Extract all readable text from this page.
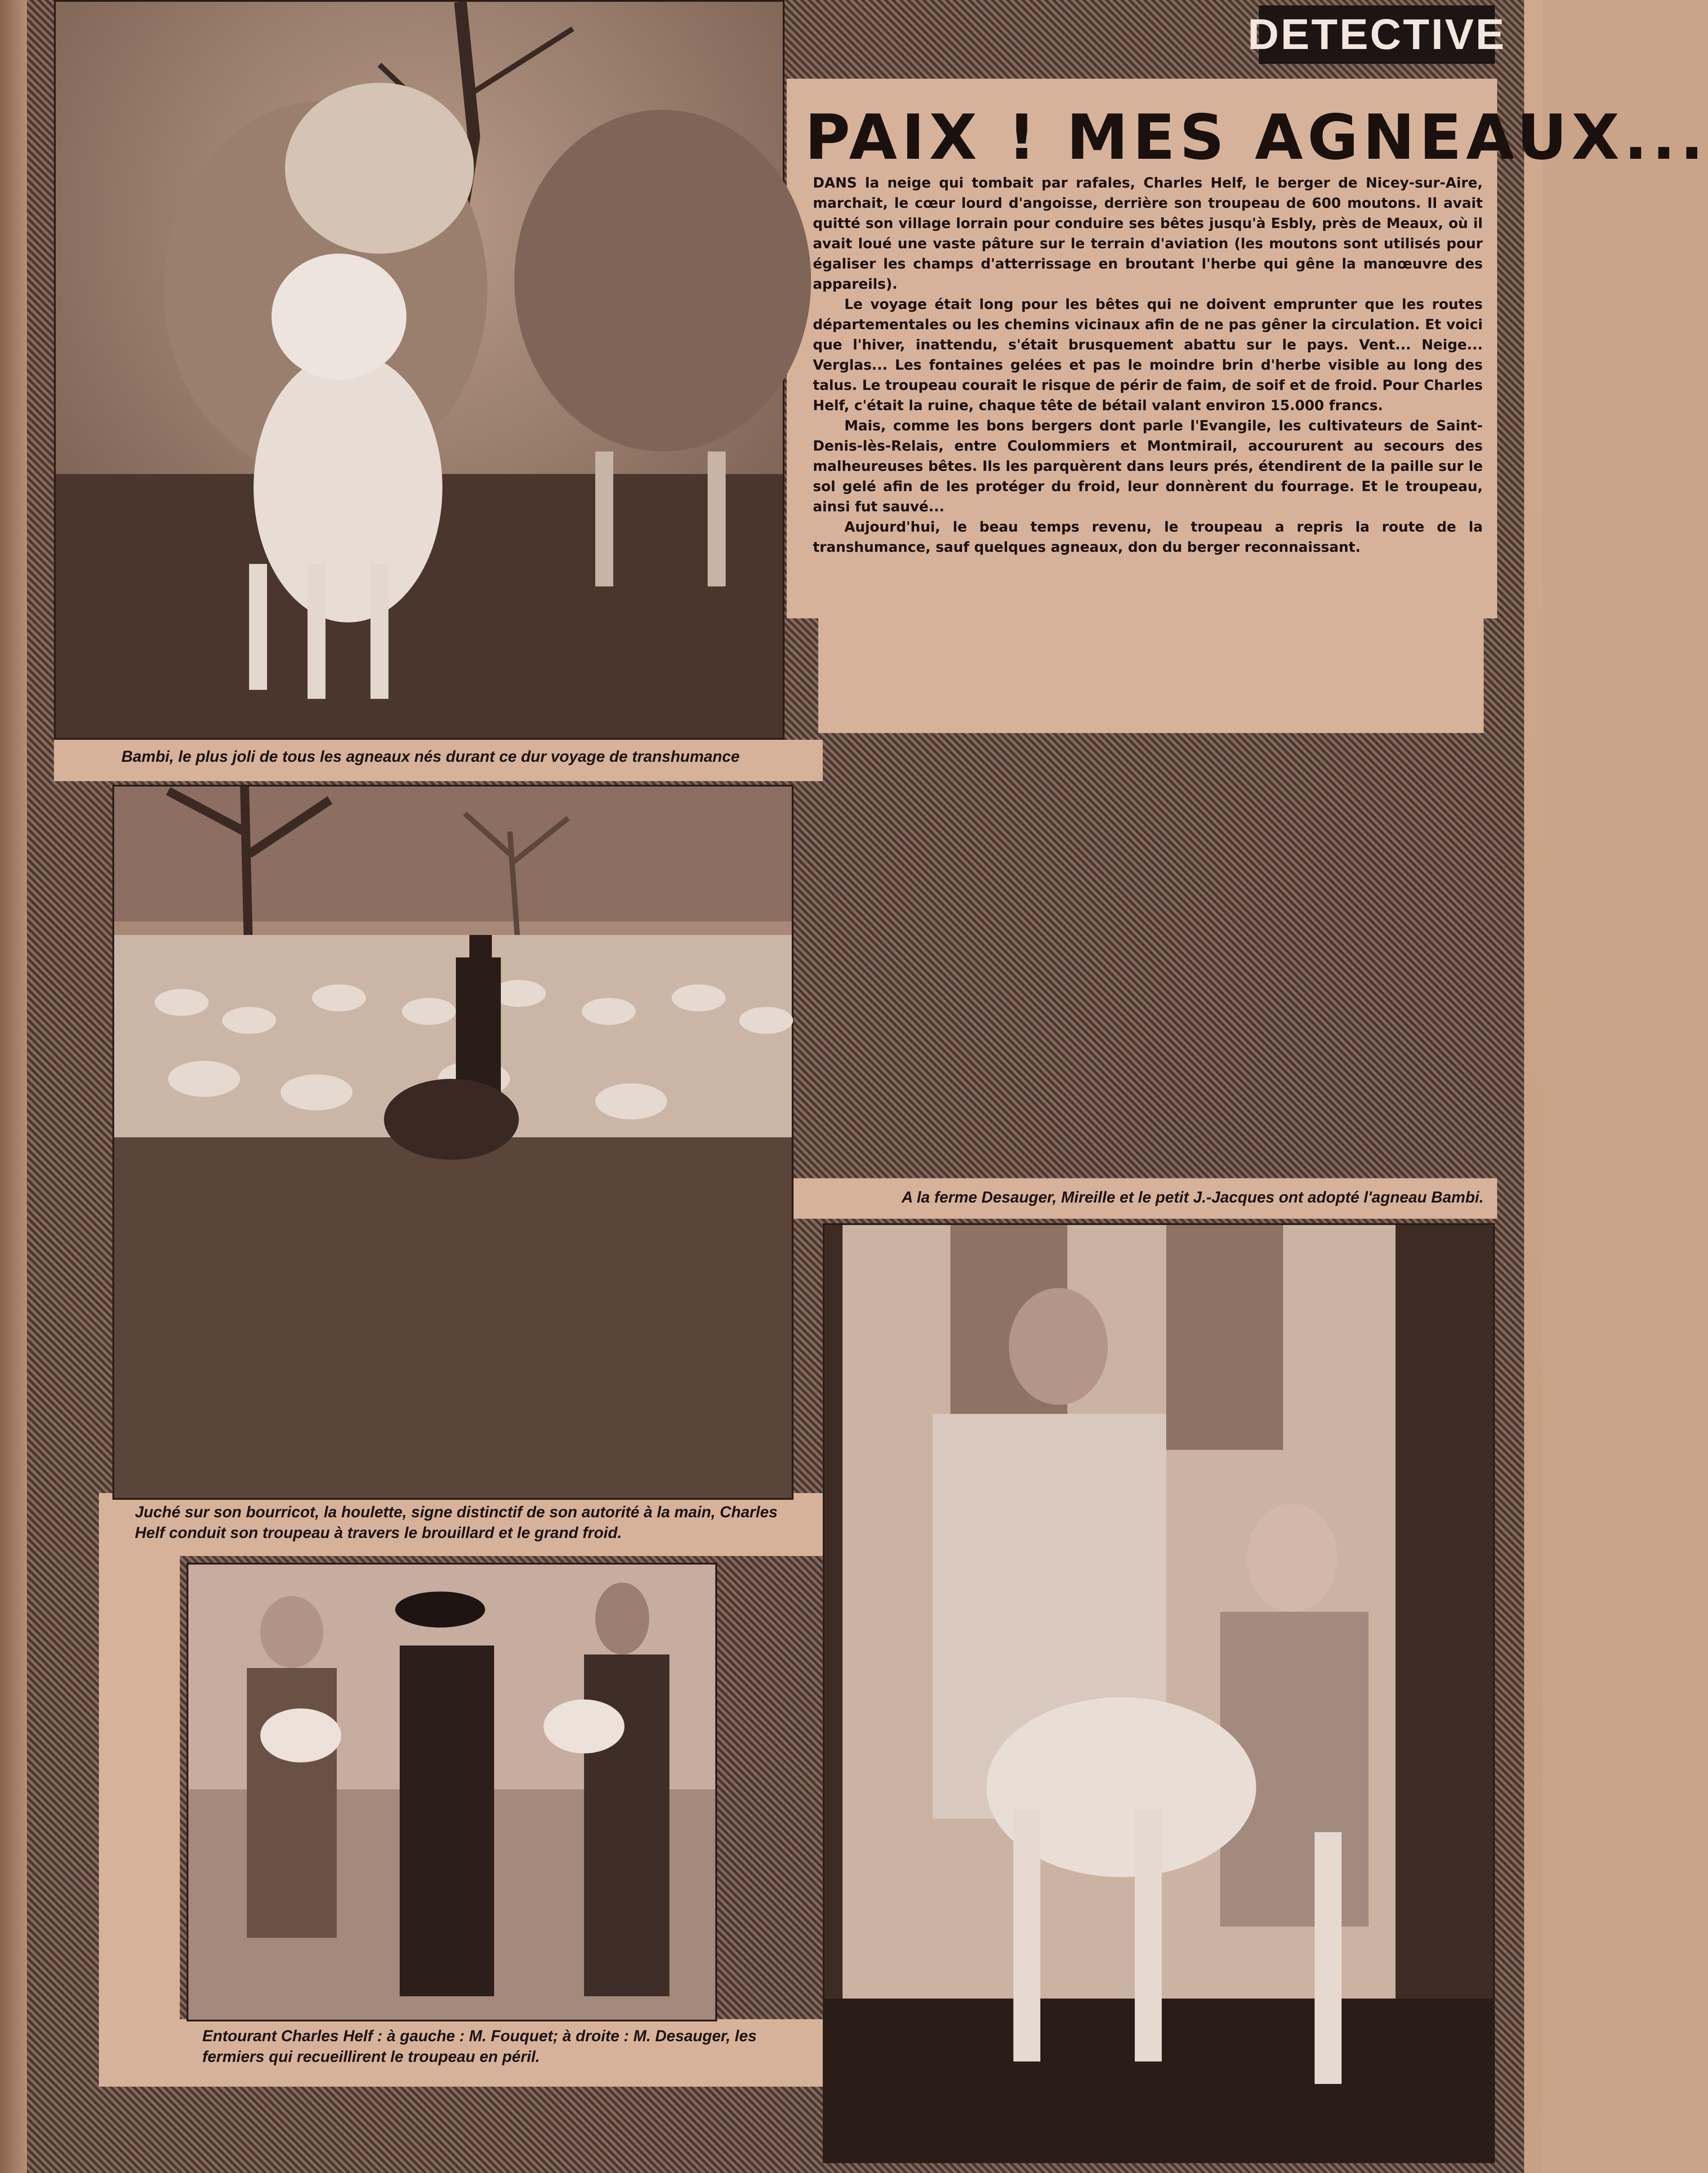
DETECTIVE
PAIX ! MES AGNEAUX...

DANS la neige qui tombait par rafales, Charles Helf, le berger de Nicey-sur-Aire, marchait, le cœur lourd d'angoisse, derrière son troupeau de 600 moutons. Il avait quitté son village lorrain pour conduire ses bêtes jusqu'à Esbly, près de Meaux, où il avait loué une vaste pâture sur le terrain d'aviation (les moutons sont utilisés pour égaliser les champs d'atterrissage en broutant l'herbe qui gêne la manœuvre des appareils).

Le voyage était long pour les bêtes qui ne doivent emprunter que les routes départementales ou les chemins vicinaux afin de ne pas gêner la circulation. Et voici que l'hiver, inattendu, s'était brusquement abattu sur le pays. Vent... Neige... Verglas... Les fontaines gelées et pas le moindre brin d'herbe visible au long des talus. Le troupeau courait le risque de périr de faim, de soif et de froid. Pour Charles Helf, c'était la ruine, chaque tête de bétail valant environ 15.000 francs.

Mais, comme les bons bergers dont parle l'Evangile, les cultivateurs de Saint-Denis-lès-Relais, entre Coulommiers et Montmirail, accoururent au secours des malheureuses bêtes. Ils les parquèrent dans leurs prés, étendirent de la paille sur le sol gelé afin de les protéger du froid, leur donnèrent du fourrage. Et le troupeau, ainsi fut sauvé...

Aujourd'hui, le beau temps revenu, le troupeau a repris la route de la transhumance, sauf quelques agneaux, don du berger reconnaissant.

Bambi, le plus joli de tous les agneaux nés durant ce dur voyage de transhumance
Juché sur son bourricot, la houlette, signe distinctif de son autorité à la main, Charles Helf conduit son troupeau à travers le brouillard et le grand froid.
A la ferme Desauger, Mireille et le petit J.-Jacques ont adopté l'agneau Bambi.
Entourant Charles Helf : à gauche : M. Fouquet; à droite : M. Desauger, les fermiers qui recueillirent le troupeau en péril.
